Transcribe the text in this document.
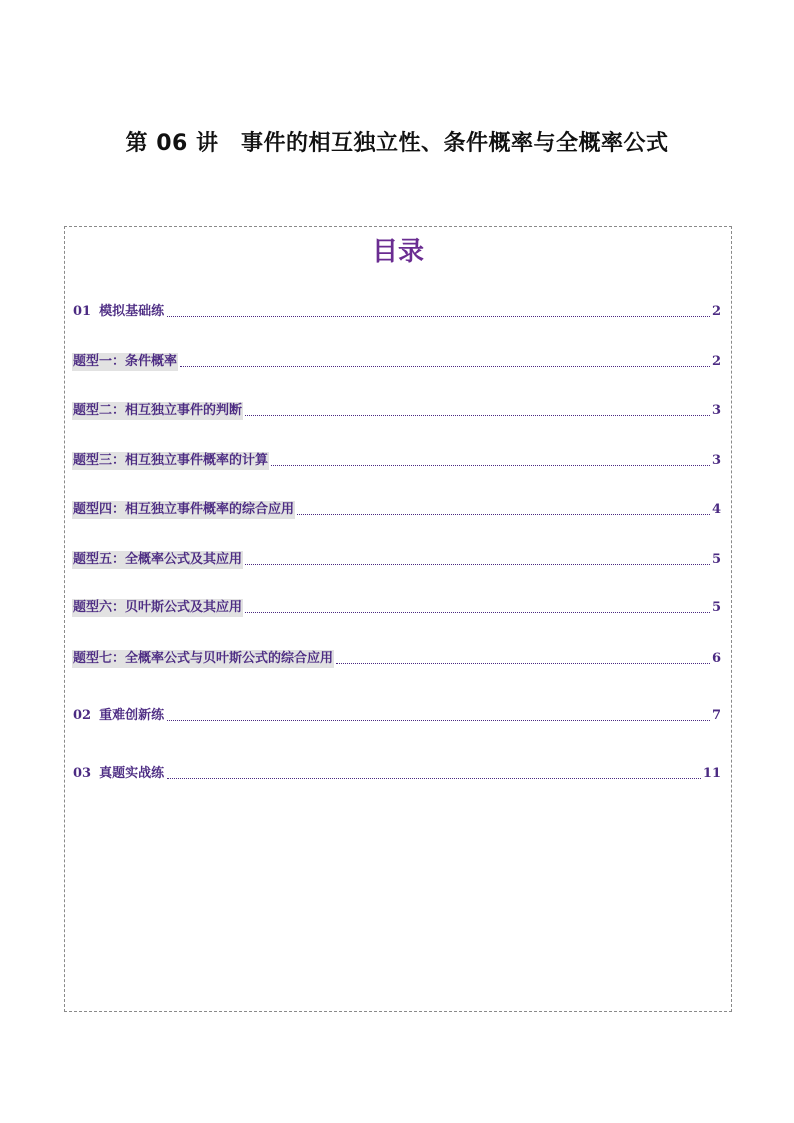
第 06 讲　事件的相互独立性、条件概率与全概率公式
目录
01 模拟基础练	2
题型一：条件概率	2
题型二：相互独立事件的判断	3
题型三：相互独立事件概率的计算	3
题型四：相互独立事件概率的综合应用	4
题型五：全概率公式及其应用	5
题型六：贝叶斯公式及其应用	5
题型七：全概率公式与贝叶斯公式的综合应用	6
02 重难创新练	7
03 真题实战练	11
